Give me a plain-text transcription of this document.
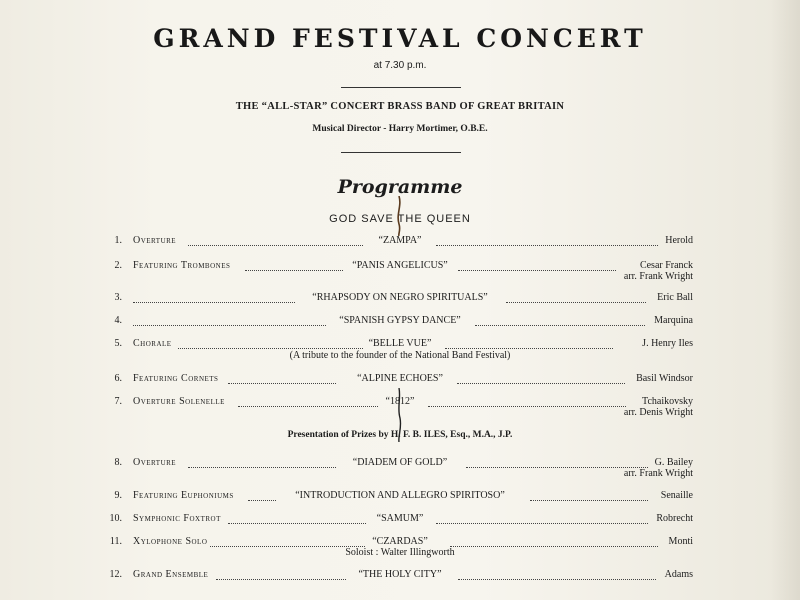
GRAND FESTIVAL CONCERT
at 7.30 p.m.
THE “ALL-STAR” CONCERT BRASS BAND OF GREAT BRITAIN
Musical Director - Harry Mortimer, O.B.E.
Programme
GOD SAVE THE QUEEN
1. Overture	“ZAMPA”	Herold
2. Featuring Trombones	“PANIS ANGELICUS”	Cesar Franck
arr. Frank Wright
3.	“RHAPSODY ON NEGRO SPIRITUALS”	Eric Ball
4.	“SPANISH GYPSY DANCE”	Marquina
5. Chorale	“BELLE VUE”	J. Henry Iles
(A tribute to the founder of the National Band Festival)
6. Featuring Cornets	“ALPINE ECHOES”	Basil Windsor
7. Overture Solenelle	“1812”	Tchaikovsky
arr. Denis Wright
Presentation of Prizes by H. F. B. ILES, Esq., M.A., J.P.
8. Overture	“DIADEM OF GOLD”	G. Bailey
arr. Frank Wright
9. Featuring Euphoniums	“INTRODUCTION AND ALLEGRO SPIRITOSO”	Senaille
10. Symphonic Foxtrot	“SAMUM”	Robrecht
11. Xylophone Solo	“CZARDAS”	Monti
Soloist : Walter Illingworth
12. Grand Ensemble	“THE HOLY CITY”	Adams
